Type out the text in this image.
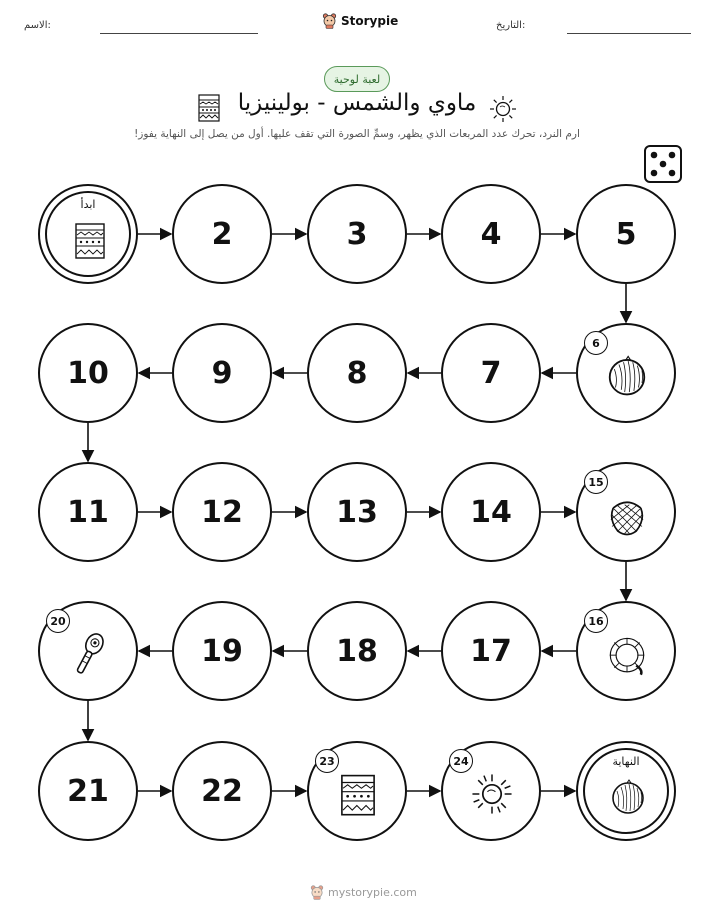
الاسم:	Storypie	التاريخ:
لعبة لوحية
ماوي والشمس - بولينيزيا
ارم النرد، تحرك عدد المربعات الذي يظهر، وسمِّ الصورة التي تقف عليها. أول من يصل إلى النهاية يفوز!
ابدأ
2	3	4	5
6
7
8
9
10
11	12	13	14
15
16
17
18
19
20
21	22
23	24	النهاية
mystorypie.com
